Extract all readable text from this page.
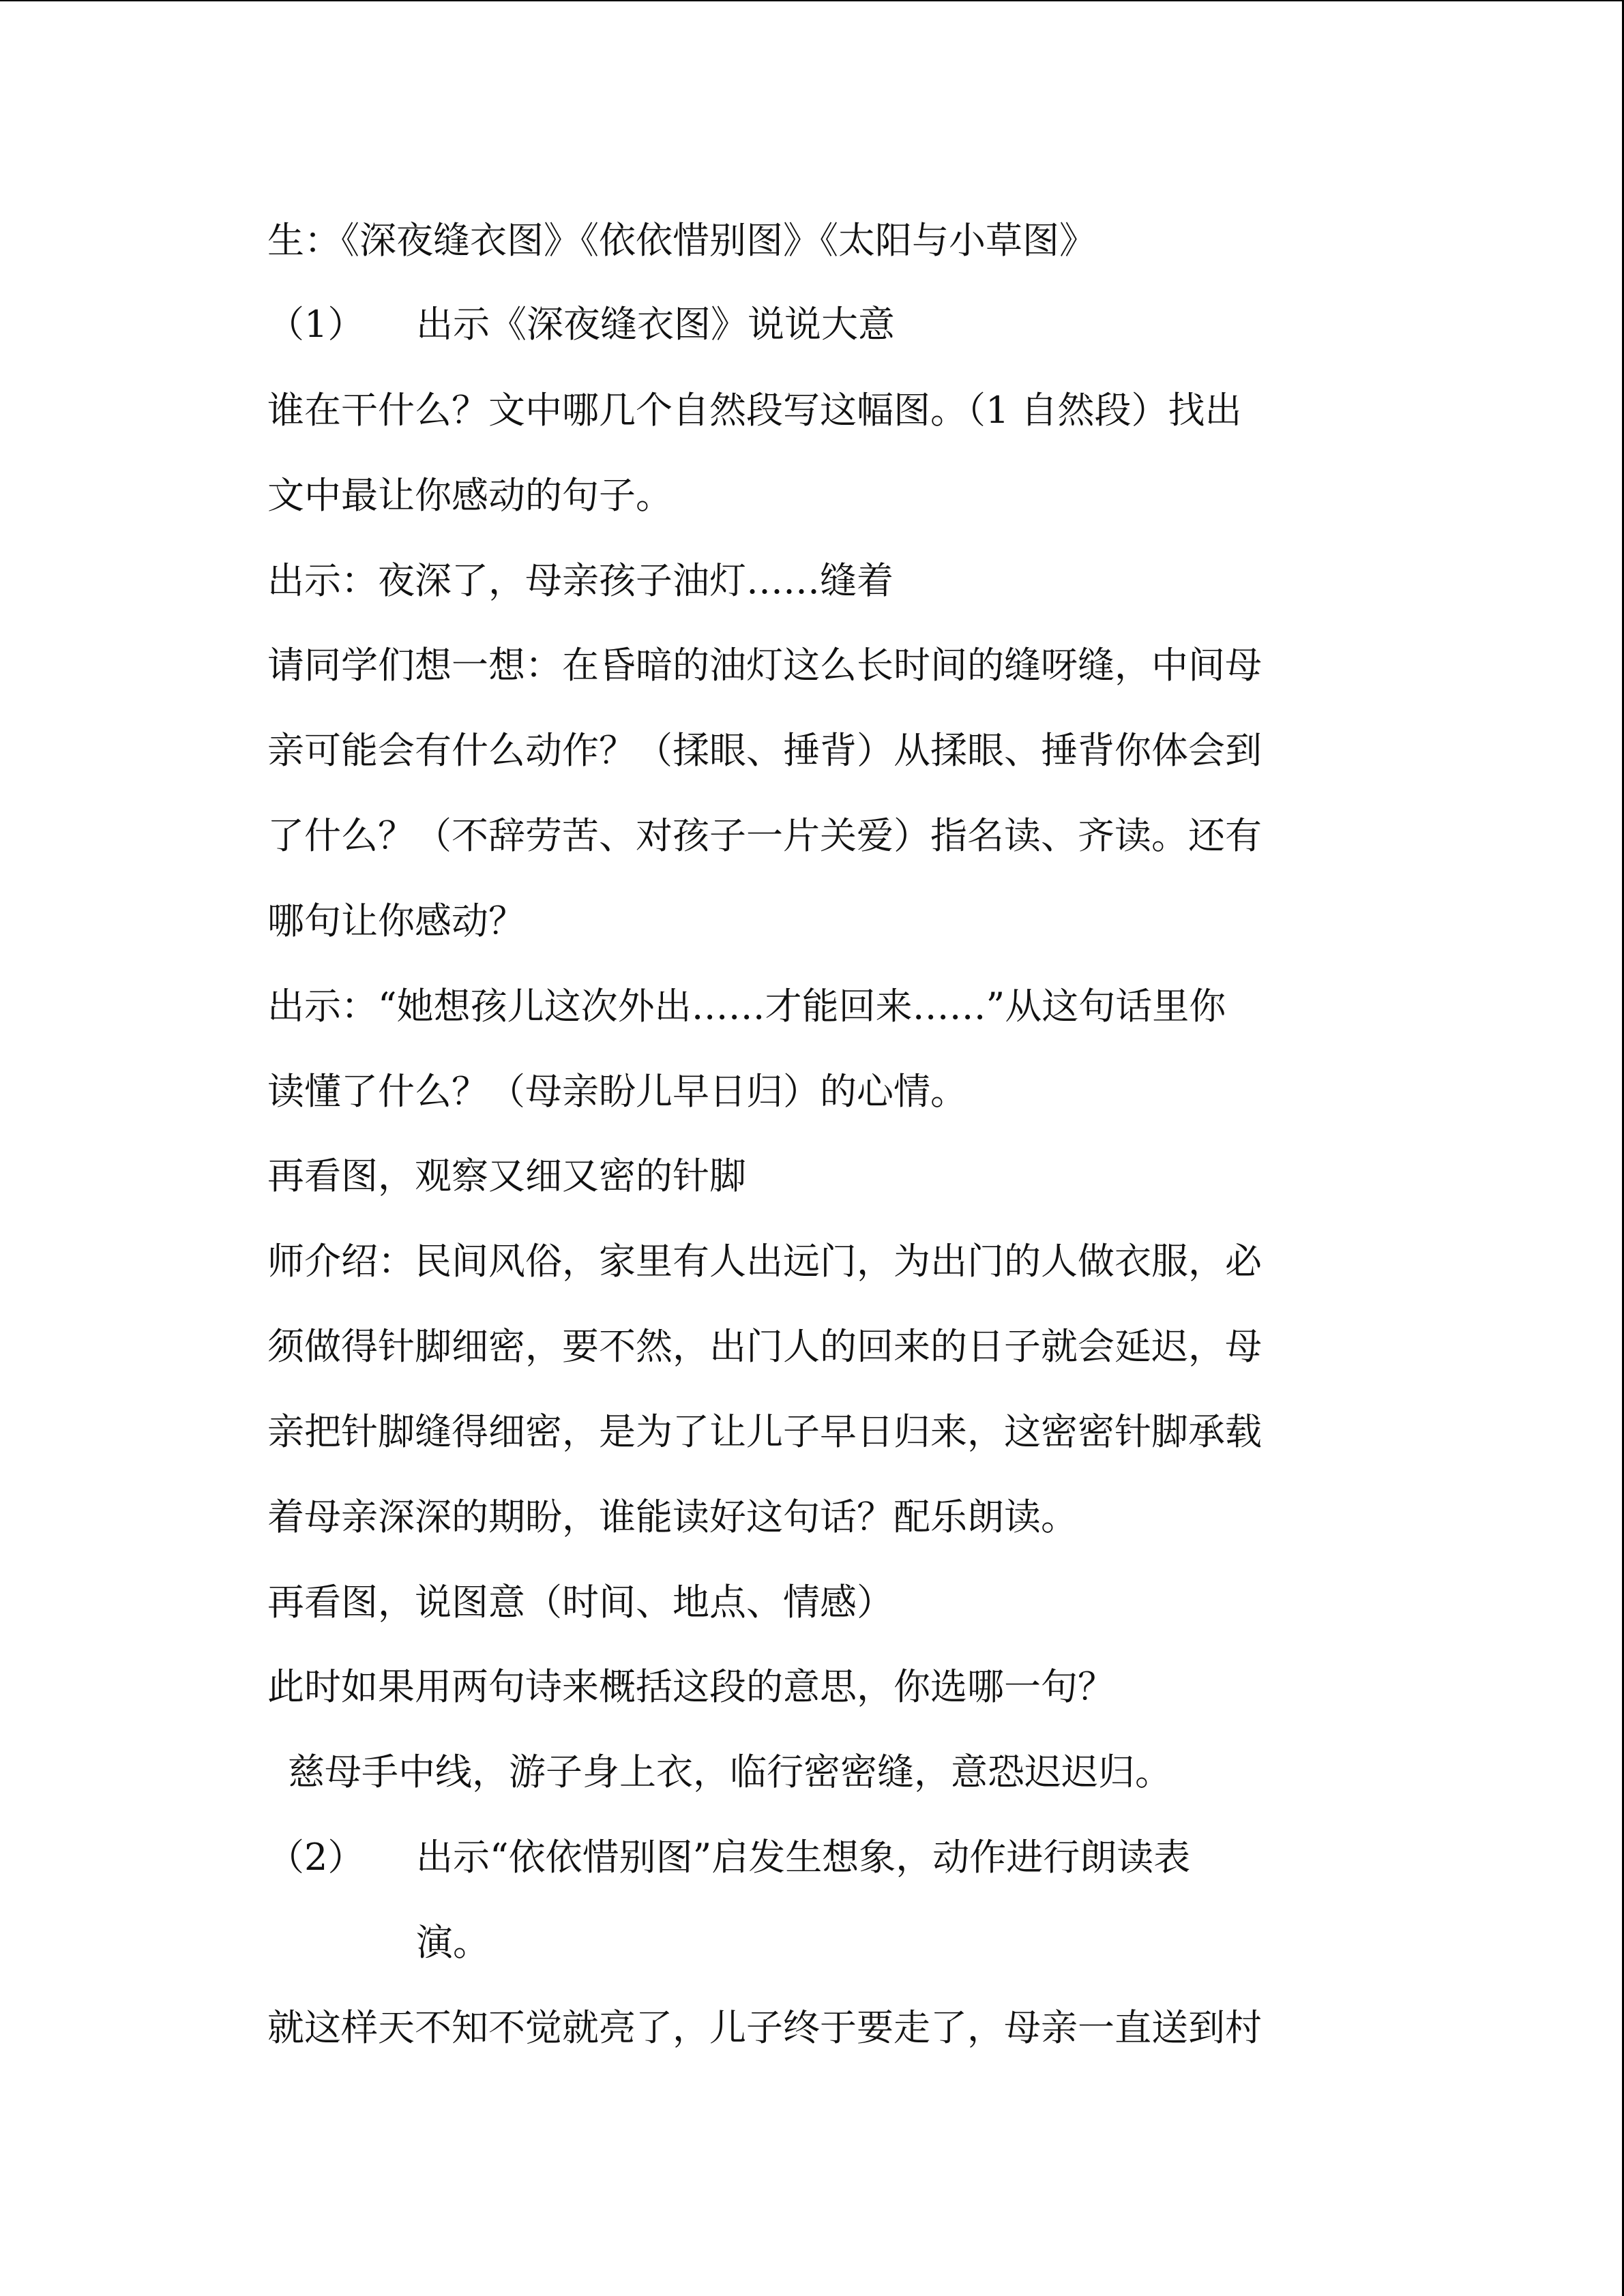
生：《深夜缝衣图》《依依惜别图》《太阳与小草图》
（1） 出示《深夜缝衣图》说说大意
谁在干什么？文中哪几个自然段写这幅图。（1 自然段）找出
文中最让你感动的句子。
出示：夜深了，母亲孩子油灯……缝着
请同学们想一想：在昏暗的油灯这么长时间的缝呀缝，中间母
亲可能会有什么动作？（揉眼、捶背）从揉眼、捶背你体会到
了什么？（不辞劳苦、对孩子一片关爱）指名读、齐读。还有
哪句让你感动？
出示：“她想孩儿这次外出……才能回来……”从这句话里你
读懂了什么？（母亲盼儿早日归）的心情。
再看图，观察又细又密的针脚
师介绍：民间风俗，家里有人出远门，为出门的人做衣服，必
须做得针脚细密，要不然，出门人的回来的日子就会延迟，母
亲把针脚缝得细密，是为了让儿子早日归来，这密密针脚承载
着母亲深深的期盼，谁能读好这句话？配乐朗读。
再看图，说图意（时间、地点、情感）
此时如果用两句诗来概括这段的意思，你选哪一句？
慈母手中线，游子身上衣，临行密密缝，意恐迟迟归。
（2） 出示“依依惜别图”启发生想象，动作进行朗读表
演。
就这样天不知不觉就亮了，儿子终于要走了，母亲一直送到村
